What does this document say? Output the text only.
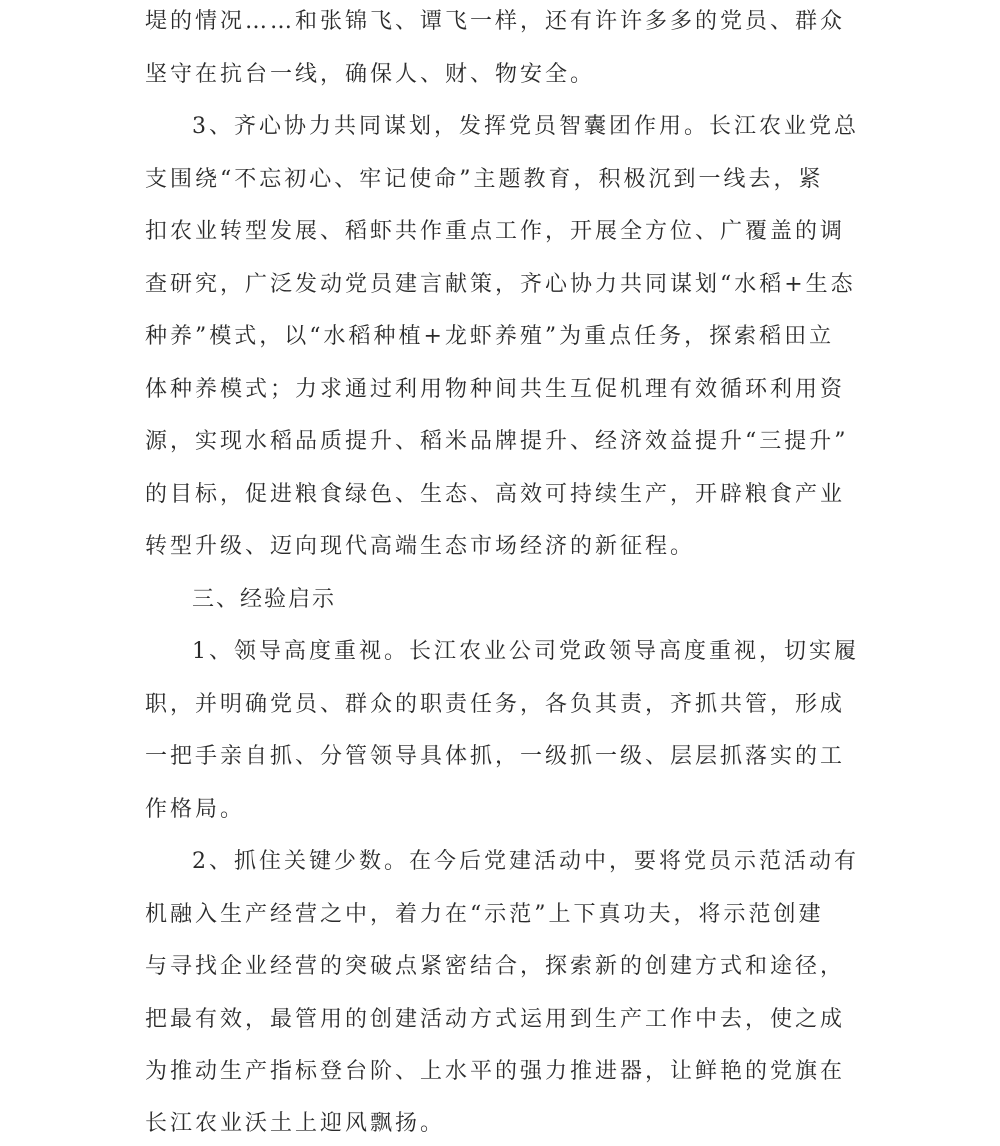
堤的情况……和张锦飞、谭飞一样，还有许许多多的党员、群众
坚守在抗台一线，确保人、财、物安全。
3、齐心协力共同谋划，发挥党员智囊团作用。长江农业党总
支围绕“不忘初心、牢记使命”主题教育，积极沉到一线去，紧
扣农业转型发展、稻虾共作重点工作，开展全方位、广覆盖的调
查研究，广泛发动党员建言献策，齐心协力共同谋划“水稻+生态
种养”模式，以“水稻种植+龙虾养殖”为重点任务，探索稻田立
体种养模式；力求通过利用物种间共生互促机理有效循环利用资
源，实现水稻品质提升、稻米品牌提升、经济效益提升“三提升”
的目标，促进粮食绿色、生态、高效可持续生产，开辟粮食产业
转型升级、迈向现代高端生态市场经济的新征程。
三、经验启示
1、领导高度重视。长江农业公司党政领导高度重视，切实履
职，并明确党员、群众的职责任务，各负其责，齐抓共管，形成
一把手亲自抓、分管领导具体抓，一级抓一级、层层抓落实的工
作格局。
2、抓住关键少数。在今后党建活动中，要将党员示范活动有
机融入生产经营之中，着力在“示范”上下真功夫，将示范创建
与寻找企业经营的突破点紧密结合，探索新的创建方式和途径，
把最有效，最管用的创建活动方式运用到生产工作中去，使之成
为推动生产指标登台阶、上水平的强力推进器，让鲜艳的党旗在
长江农业沃土上迎风飘扬。
